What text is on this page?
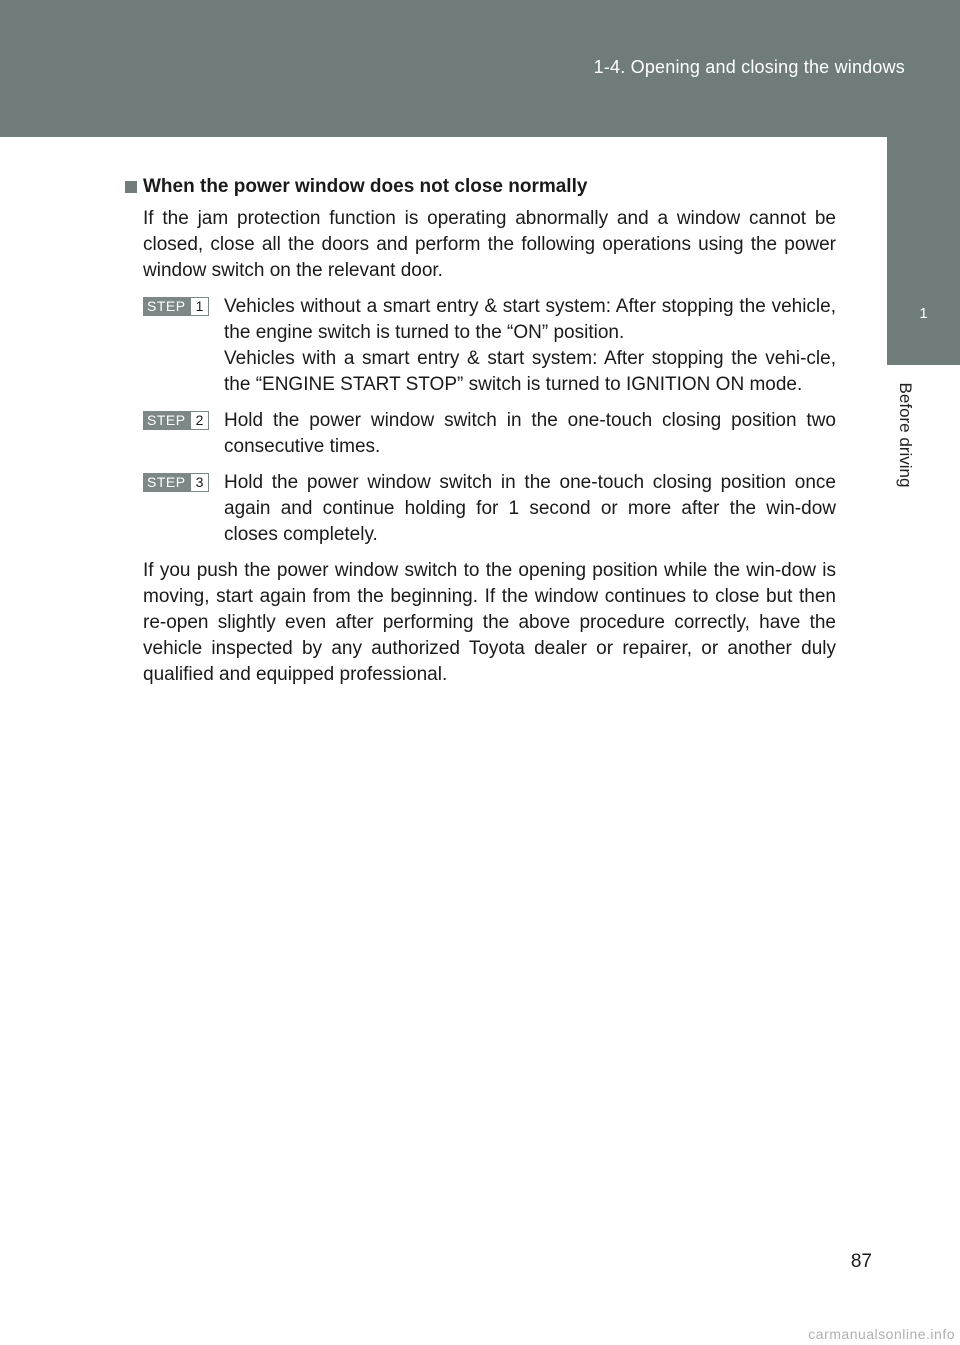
1-4. Opening and closing the windows
1
Before driving
When the power window does not close normally

If the jam protection function is operating abnormally and a window cannot be closed, close all the doors and perform the following operations using the power window switch on the relevant door.

STEP 1	Vehicles without a smart entry & start system: After stopping the vehicle, the engine switch is turned to the “ON” position.

Vehicles with a smart entry & start system: After stopping the vehi-cle, the “ENGINE START STOP” switch is turned to IGNITION ON mode.

STEP 2	Hold the power window switch in the one-touch closing position two consecutive times.

STEP 3	Hold the power window switch in the one-touch closing position once again and continue holding for 1 second or more after the win-dow closes completely.

If you push the power window switch to the opening position while the win-dow is moving, start again from the beginning. If the window continues to close but then re-open slightly even after performing the above procedure correctly, have the vehicle inspected by any authorized Toyota dealer or repairer, or another duly qualified and equipped professional.

87
carmanualsonline.info
